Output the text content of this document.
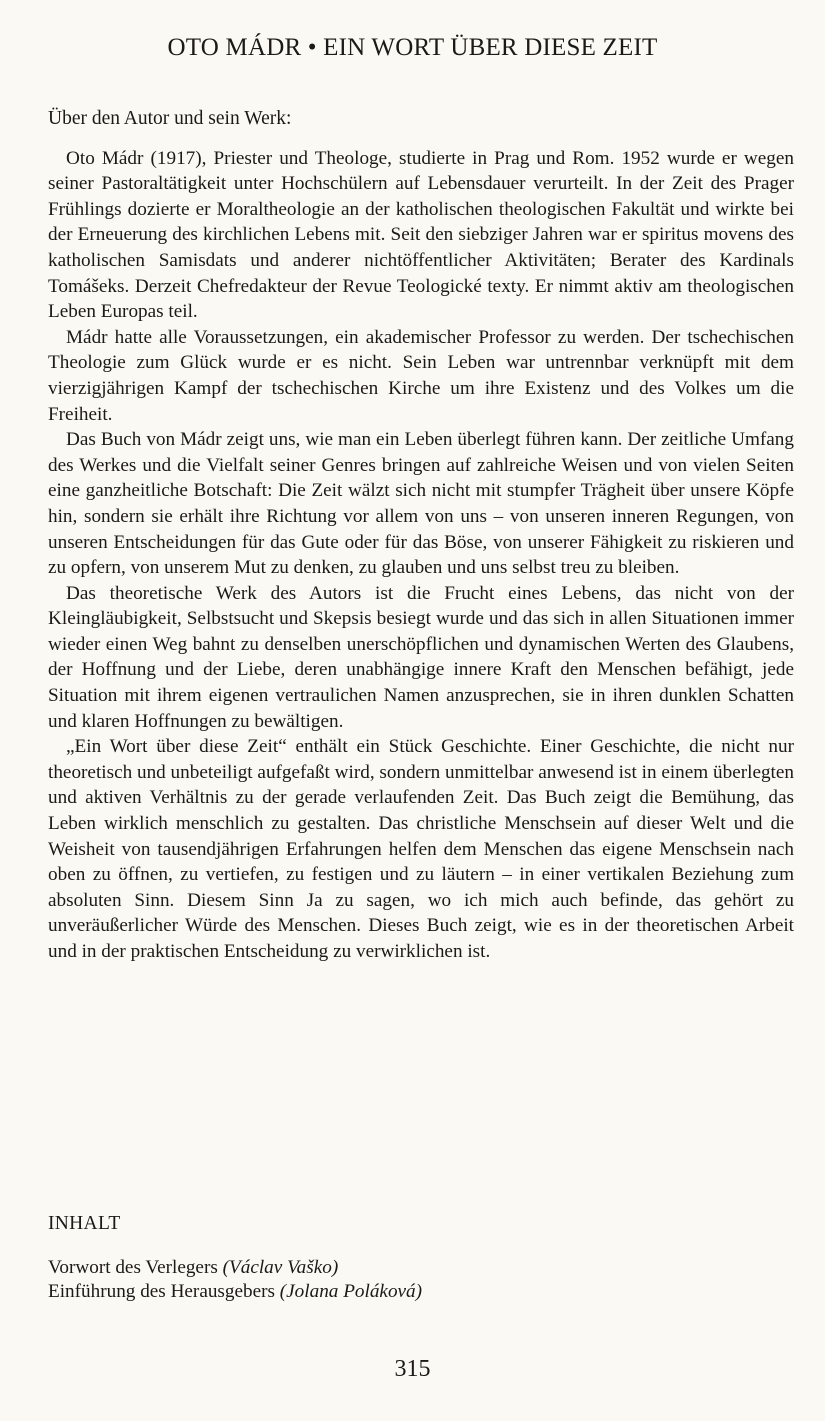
OTO MÁDR • EIN WORT ÜBER DIESE ZEIT

Über den Autor und sein Werk:

Oto Mádr (1917), Priester und Theologe, studierte in Prag und Rom. 1952 wurde er wegen seiner Pastoraltätigkeit unter Hochschülern auf Lebensdauer verurteilt. In der Zeit des Prager Frühlings dozierte er Moraltheologie an der katholischen theologischen Fakultät und wirkte bei der Erneuerung des kirchlichen Lebens mit. Seit den siebziger Jahren war er spiritus movens des katholischen Samisdats und anderer nichtöffentlicher Aktivitäten; Berater des Kardinals Tomášeks. Derzeit Chefredakteur der Revue Teologické texty. Er nimmt aktiv am theologischen Leben Europas teil.

Mádr hatte alle Voraussetzungen, ein akademischer Professor zu werden. Der tschechischen Theologie zum Glück wurde er es nicht. Sein Leben war untrennbar verknüpft mit dem vierzigjährigen Kampf der tschechischen Kirche um ihre Existenz und des Volkes um die Freiheit.

Das Buch von Mádr zeigt uns, wie man ein Leben überlegt führen kann. Der zeitliche Umfang des Werkes und die Vielfalt seiner Genres bringen auf zahlreiche Weisen und von vielen Seiten eine ganzheitliche Botschaft: Die Zeit wälzt sich nicht mit stumpfer Trägheit über unsere Köpfe hin, sondern sie erhält ihre Richtung vor allem von uns – von unseren inneren Regungen, von unseren Entscheidungen für das Gute oder für das Böse, von unserer Fähigkeit zu riskieren und zu opfern, von unserem Mut zu denken, zu glauben und uns selbst treu zu bleiben.

Das theoretische Werk des Autors ist die Frucht eines Lebens, das nicht von der Kleingläubigkeit, Selbstsucht und Skepsis besiegt wurde und das sich in allen Situationen immer wieder einen Weg bahnt zu denselben unerschöpflichen und dynamischen Werten des Glaubens, der Hoffnung und der Liebe, deren unabhängige innere Kraft den Menschen befähigt, jede Situation mit ihrem eigenen vertraulichen Namen anzusprechen, sie in ihren dunklen Schatten und klaren Hoffnungen zu bewältigen.

„Ein Wort über diese Zeit“ enthält ein Stück Geschichte. Einer Geschichte, die nicht nur theoretisch und unbeteiligt aufgefaßt wird, sondern unmittelbar anwesend ist in einem überlegten und aktiven Verhältnis zu der gerade verlaufenden Zeit. Das Buch zeigt die Bemühung, das Leben wirklich menschlich zu gestalten. Das christliche Menschsein auf dieser Welt und die Weisheit von tausendjährigen Erfahrungen helfen dem Menschen das eigene Menschsein nach oben zu öffnen, zu vertiefen, zu festigen und zu läutern – in einer vertikalen Beziehung zum absoluten Sinn. Diesem Sinn Ja zu sagen, wo ich mich auch befinde, das gehört zu unveräußerlicher Würde des Menschen. Dieses Buch zeigt, wie es in der theoretischen Arbeit und in der praktischen Entscheidung zu verwirklichen ist.

INHALT
Vorwort des Verlegers (Václav Vaško)
Einführung des Herausgebers (Jolana Poláková)
315
